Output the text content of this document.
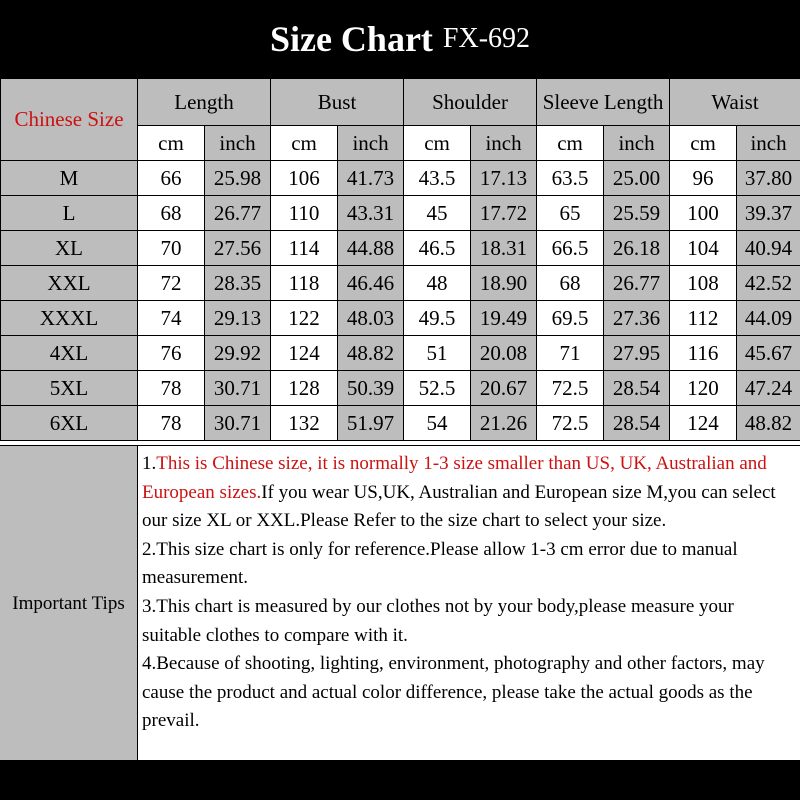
Size Chart FX-692
Chinese Size	Length		Bust		Shoulder		Sleeve Length		Waist	
	cm	inch	cm	inch	cm	inch	cm	inch	cm	inch
M	66	25.98	106	41.73	43.5	17.13	63.5	25.00	96	37.80
L	68	26.77	110	43.31	45	17.72	65	25.59	100	39.37
XL	70	27.56	114	44.88	46.5	18.31	66.5	26.18	104	40.94
XXL	72	28.35	118	46.46	48	18.90	68	26.77	108	42.52
XXXL	74	29.13	122	48.03	49.5	19.49	69.5	27.36	112	44.09
4XL	76	29.92	124	48.82	51	20.08	71	27.95	116	45.67
5XL	78	30.71	128	50.39	52.5	20.67	72.5	28.54	120	47.24
6XL	78	30.71	132	51.97	54	21.26	72.5	28.54	124	48.82
Important Tips

1.This is Chinese size, it is normally 1-3 size smaller than US, UK, Australian and European sizes.If you wear US,UK, Australian and European size M,you can select our size XL or XXL.Please Refer to the size chart to select your size.

2.This size chart is only for reference.Please allow 1-3 cm error due to manual measurement.

3.This chart is measured by our clothes not by your body,please measure your suitable clothes to compare with it.

4.Because of shooting, lighting, environment, photography and other factors, may cause the product and actual color difference, please take the actual goods as the prevail.
